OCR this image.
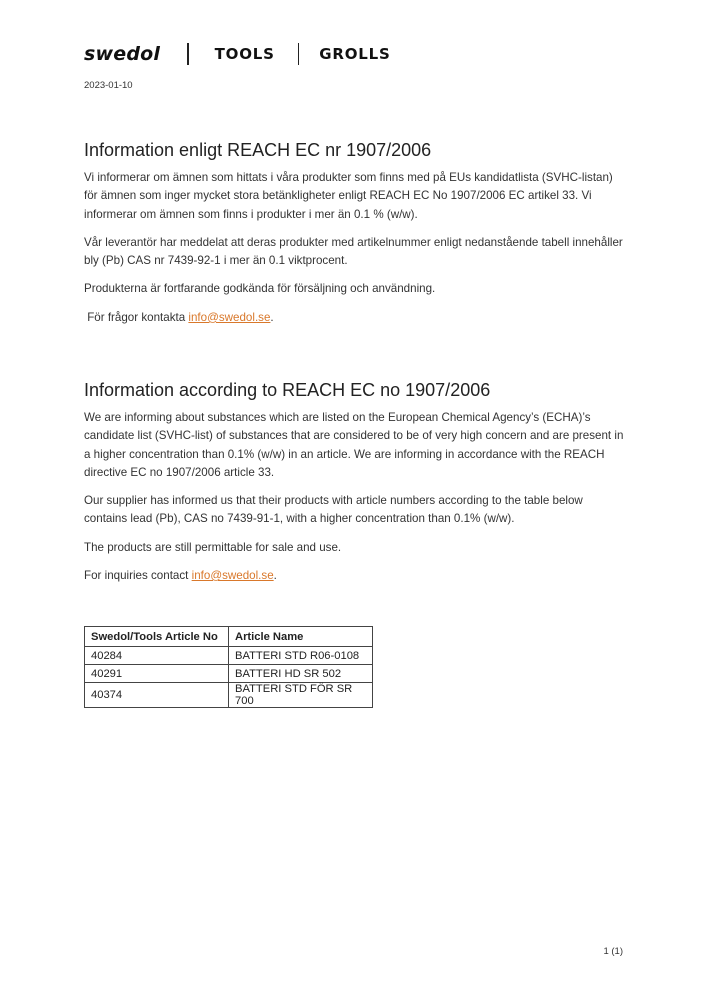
swedol	TOOLS	GROLLS
2023-01-10
Information enligt REACH EC nr 1907/2006

Vi informerar om ämnen som hittats i våra produkter som finns med på EUs kandidatlista (SVHC-listan) för ämnen som inger mycket stora betänkligheter enligt REACH EC No 1907/2006 EC artikel 33. Vi informerar om ämnen som finns i produkter i mer än 0.1 % (w/w).

Vår leverantör har meddelat att deras produkter med artikelnummer enligt nedanstående tabell innehåller bly (Pb) CAS nr 7439-92-1 i mer än 0.1 viktprocent.

Produkterna är fortfarande godkända för försäljning och användning.

För frågor kontakta info@swedol.se.

Information according to REACH EC no 1907/2006

We are informing about substances which are listed on the European Chemical Agency’s (ECHA)’s candidate list (SVHC-list) of substances that are considered to be of very high concern and are present in a higher concentration than 0.1% (w/w) in an article. We are informing in accordance with the REACH directive EC no 1907/2006 article 33.

Our supplier has informed us that their products with article numbers according to the table below contains lead (Pb), CAS no 7439-91-1, with a higher concentration than 0.1% (w/w).

The products are still permittable for sale and use.

For inquiries contact info@swedol.se.

Swedol/Tools Article No	Article Name
40284	BATTERI STD R06-0108
40291	BATTERI HD SR 502
40374	BATTERI STD FÖR SR 700
1 (1)
